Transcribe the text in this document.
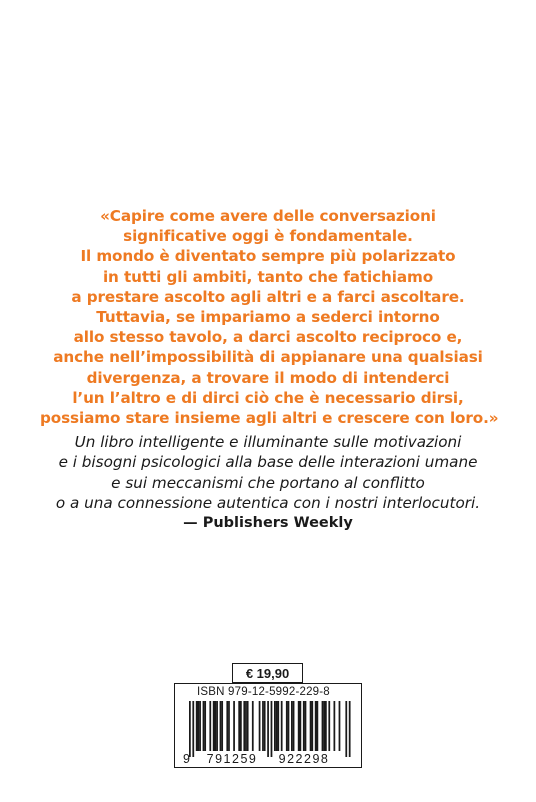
«Capire come avere delle conversazioni
significative oggi è fondamentale.
Il mondo è diventato sempre più polarizzato
in tutti gli ambiti, tanto che fatichiamo
a prestare ascolto agli altri e a farci ascoltare.
Tuttavia, se impariamo a sederci intorno
allo stesso tavolo, a darci ascolto reciproco e,
anche nell’impossibilità di appianare una qualsiasi
divergenza, a trovare il modo di intenderci
l’un l’altro e di dirci ciò che è necessario dirsi,
possiamo stare insieme agli altri e crescere con loro.»
Un libro intelligente e illuminante sulle motivazioni
e i bisogni psicologici alla base delle interazioni umane
e sui meccanismi che portano al conflitto
o a una connessione autentica con i nostri interlocutori.
— Publishers Weekly
€ 19,90
ISBN 979-12-5992-229-8
9 791259 922298
